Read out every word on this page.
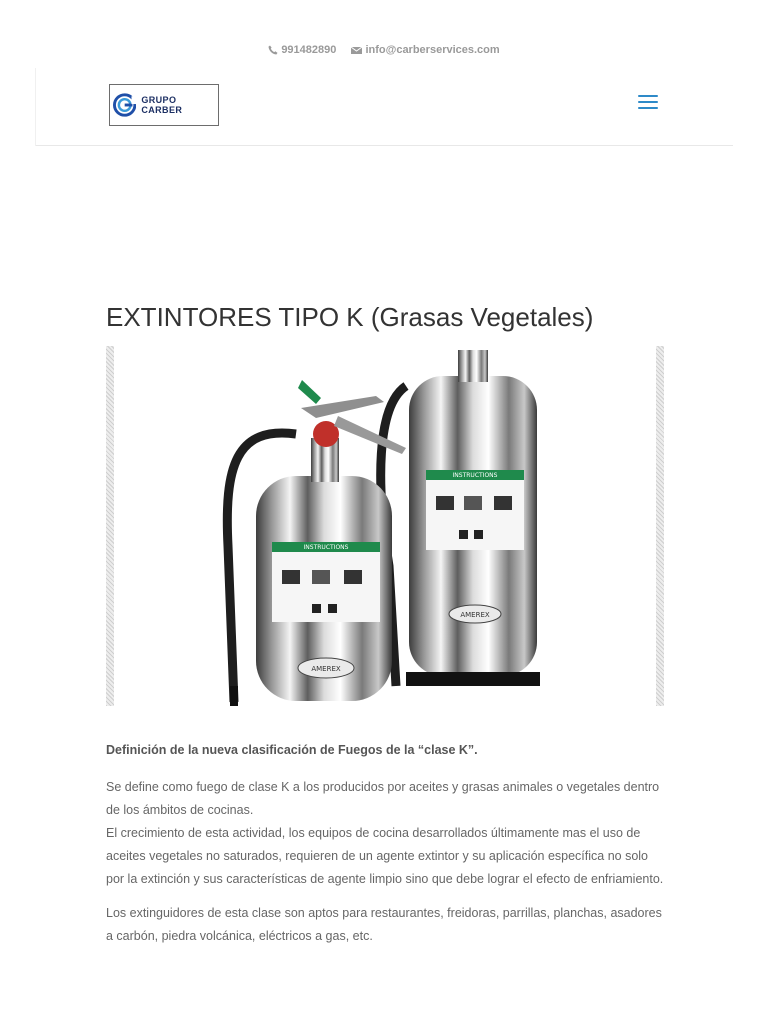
991482890	info@carberservices.com
GRUPO CARBER
EXTINTORES TIPO K (Grasas Vegetales)
INSTRUCTIONS
AMEREX
INSTRUCTIONS
AMEREX

Definición de la nueva clasificación de Fuegos de la “clase K”.

Se define como fuego de clase K a los producidos por aceites y grasas animales o vegetales dentro de los ámbitos de cocinas.
El crecimiento de esta actividad, los equipos de cocina desarrollados últimamente mas el uso de aceites vegetales no saturados, requieren de un agente extintor y su aplicación específica no solo por la extinción y sus características de agente limpio sino que debe lograr el efecto de enfriamiento.

Los extinguidores de esta clase son aptos para restaurantes, freidoras, parrillas, planchas, asadores a carbón, piedra volcánica, eléctricos a gas, etc.
